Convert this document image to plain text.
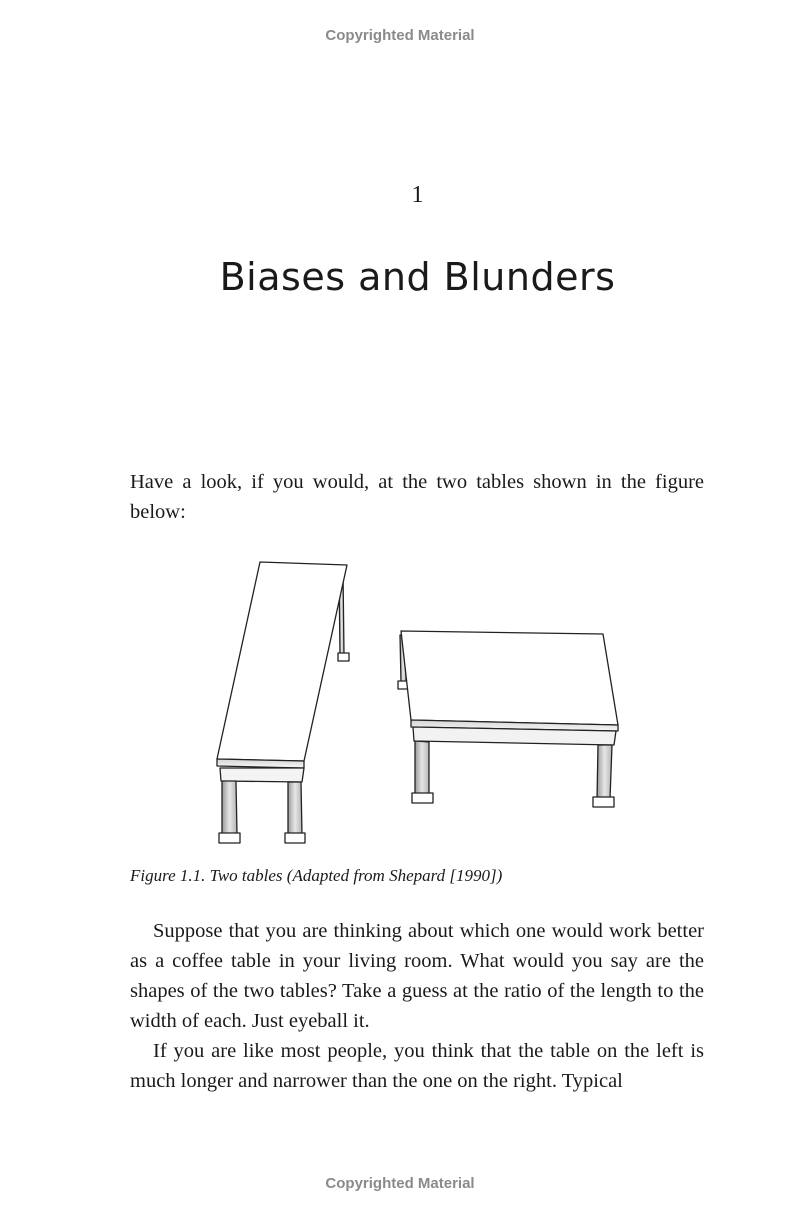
Copyrighted Material
1
Biases and Blunders

Have a look, if you would, at the two tables shown in the figure below:

Figure 1.1. Two tables (Adapted from Shepard [1990])

Suppose that you are thinking about which one would work better as a coffee table in your living room. What would you say are the shapes of the two tables? Take a guess at the ratio of the length to the width of each. Just eyeball it.

If you are like most people, you think that the table on the left is much longer and narrower than the one on the right. Typical

Copyrighted Material
